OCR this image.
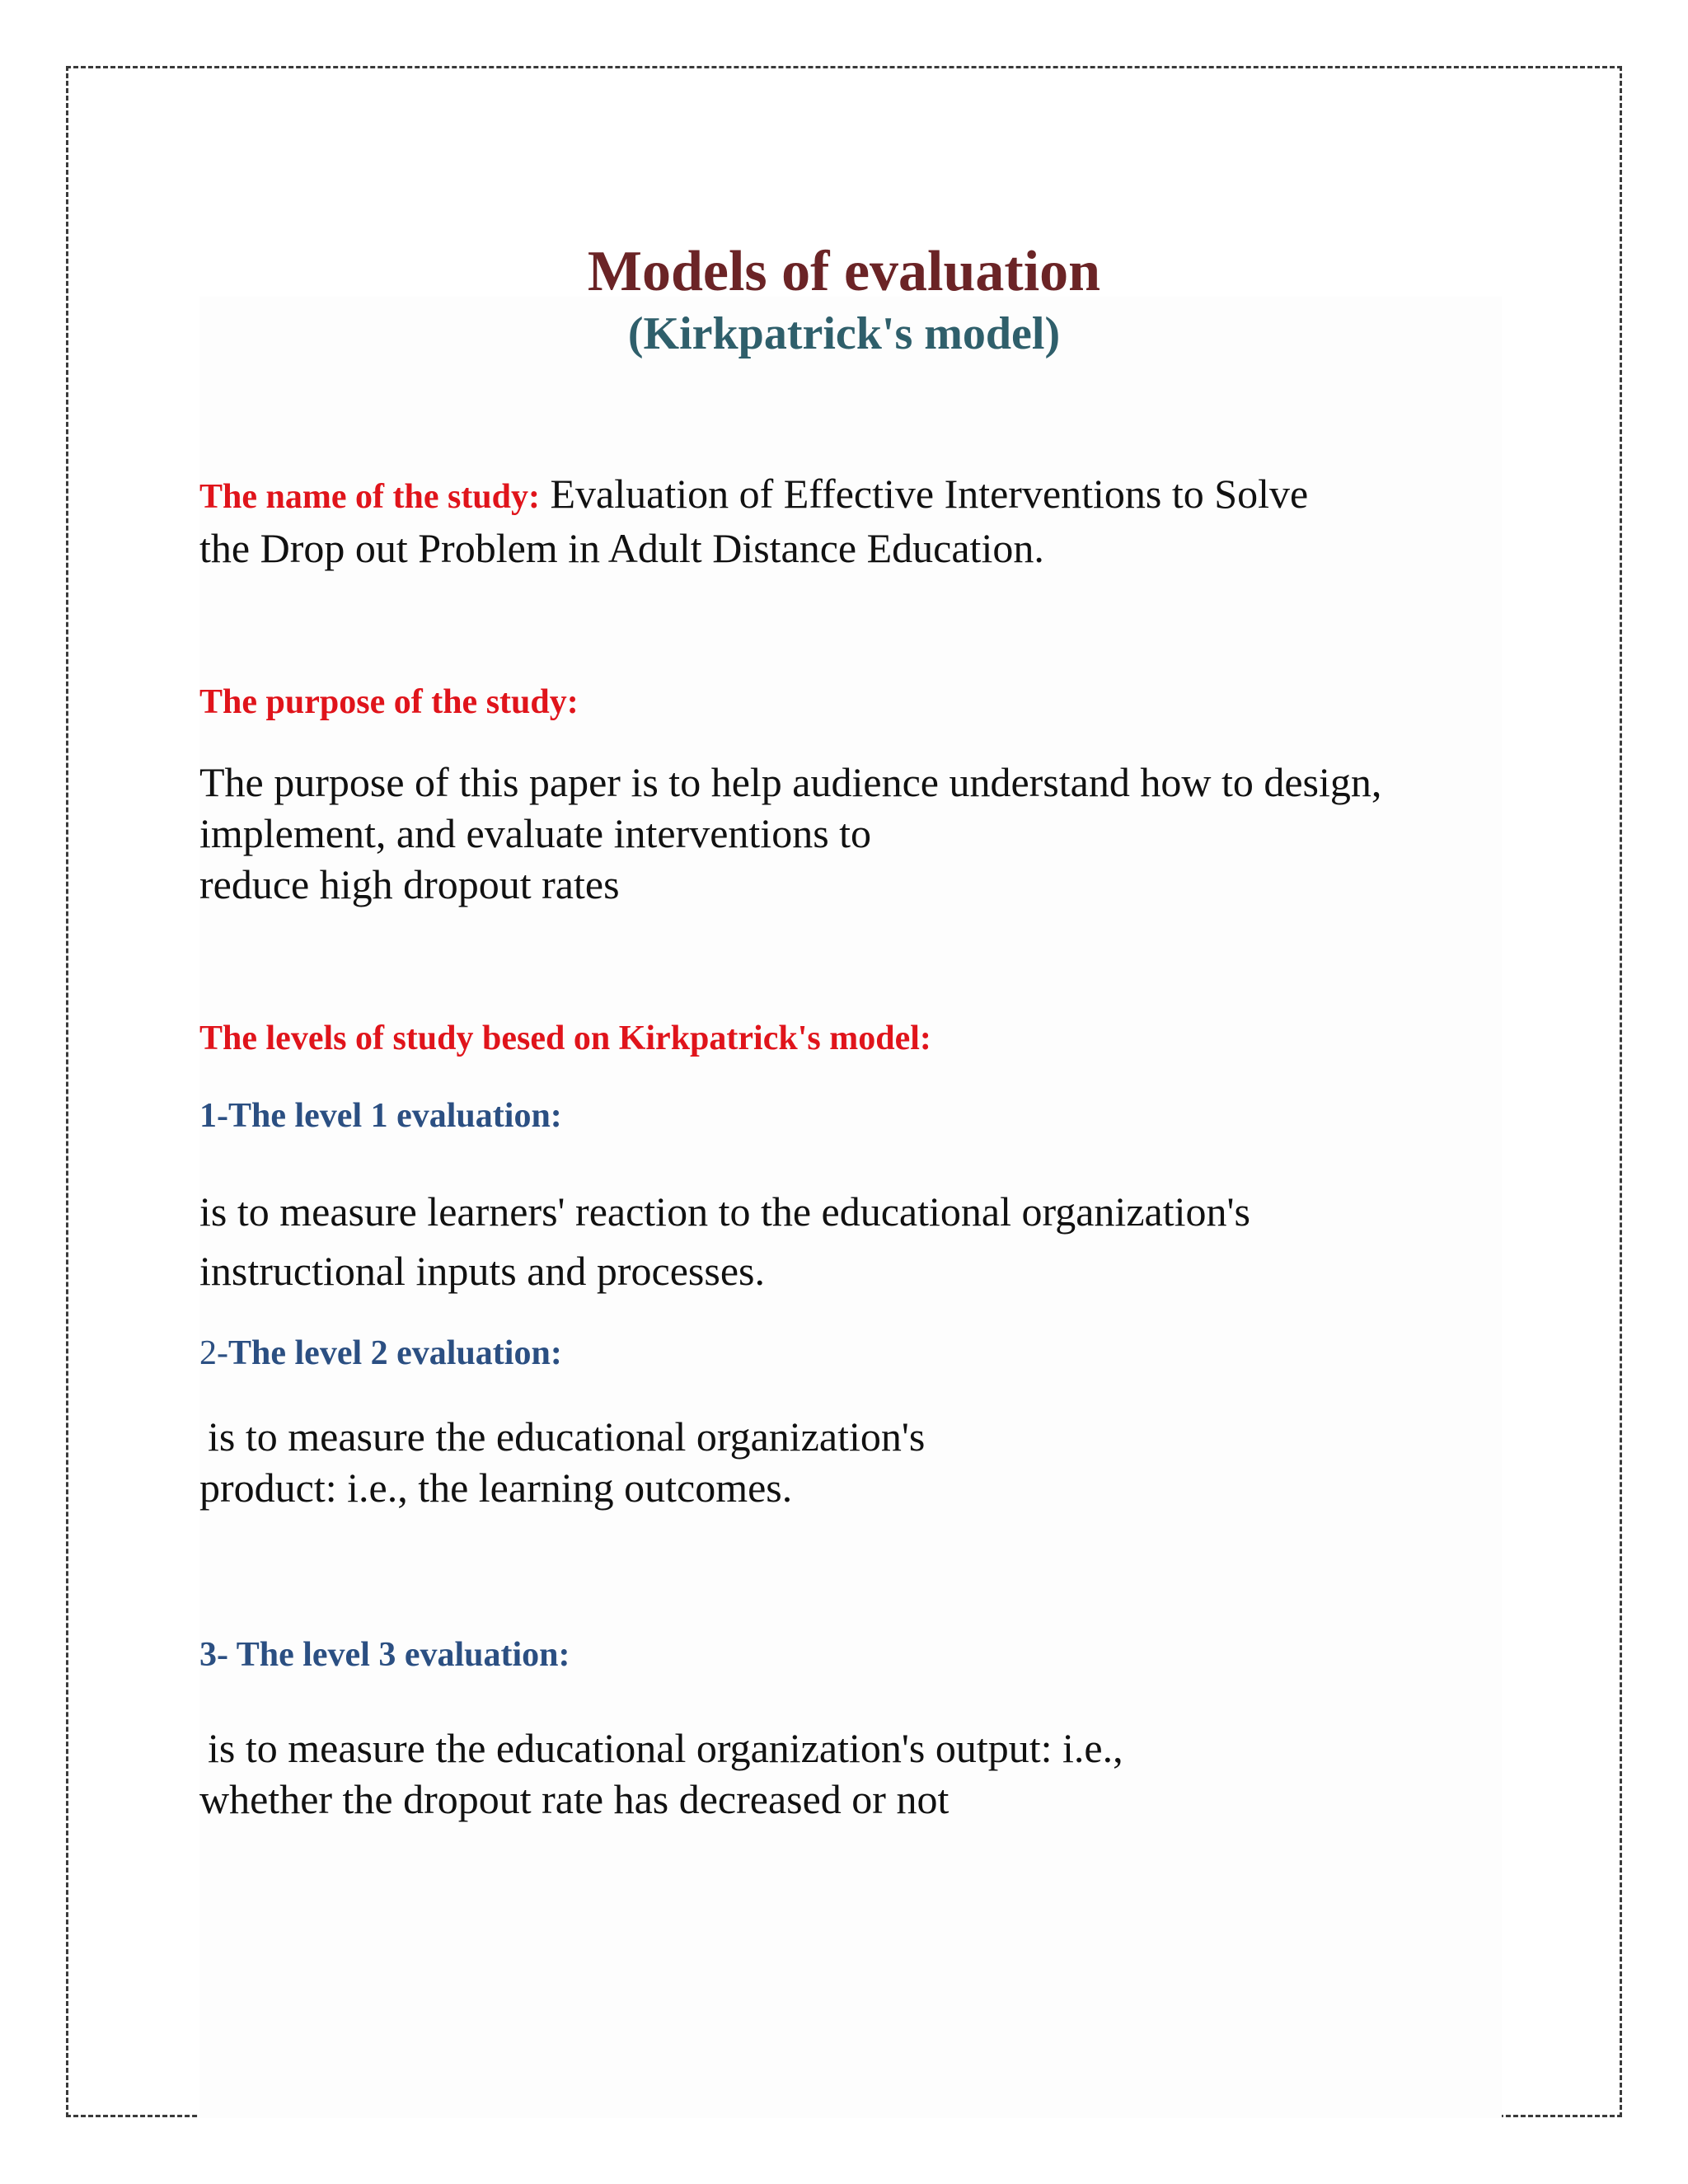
Models of evaluation
(Kirkpatrick's model)
The name of the study: Evaluation of Effective Interventions to Solve
the Drop out Problem in Adult Distance Education.
The purpose of the study:
The purpose of this paper is to help audience understand how to design,
implement, and evaluate interventions to
reduce high dropout rates
The levels of study besed on Kirkpatrick's model:
1-The level 1 evaluation:
is to measure learners' reaction to the educational organization's
instructional inputs and processes.
2-The level 2 evaluation:
is to measure the educational organization's
product: i.e., the learning outcomes.
3- The level 3 evaluation:
is to measure the educational organization's output: i.e.,
whether the dropout rate has decreased or not
